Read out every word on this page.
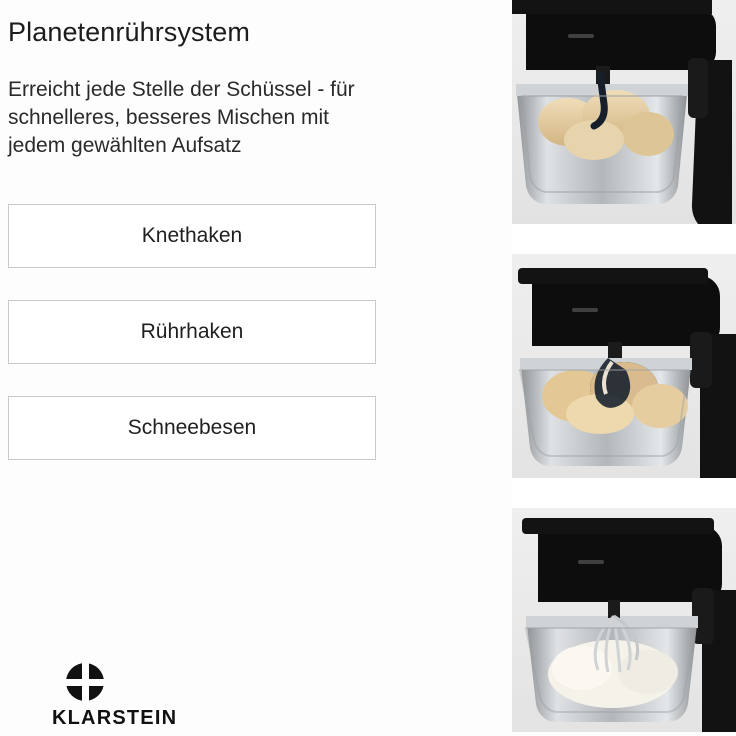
Planetenrührsystem

Erreicht jede Stelle der Schüssel - für schnelleres, besseres Mischen mit jedem gewählten Aufsatz

Knethaken
Rührhaken
Schneebesen
KLARSTEIN
